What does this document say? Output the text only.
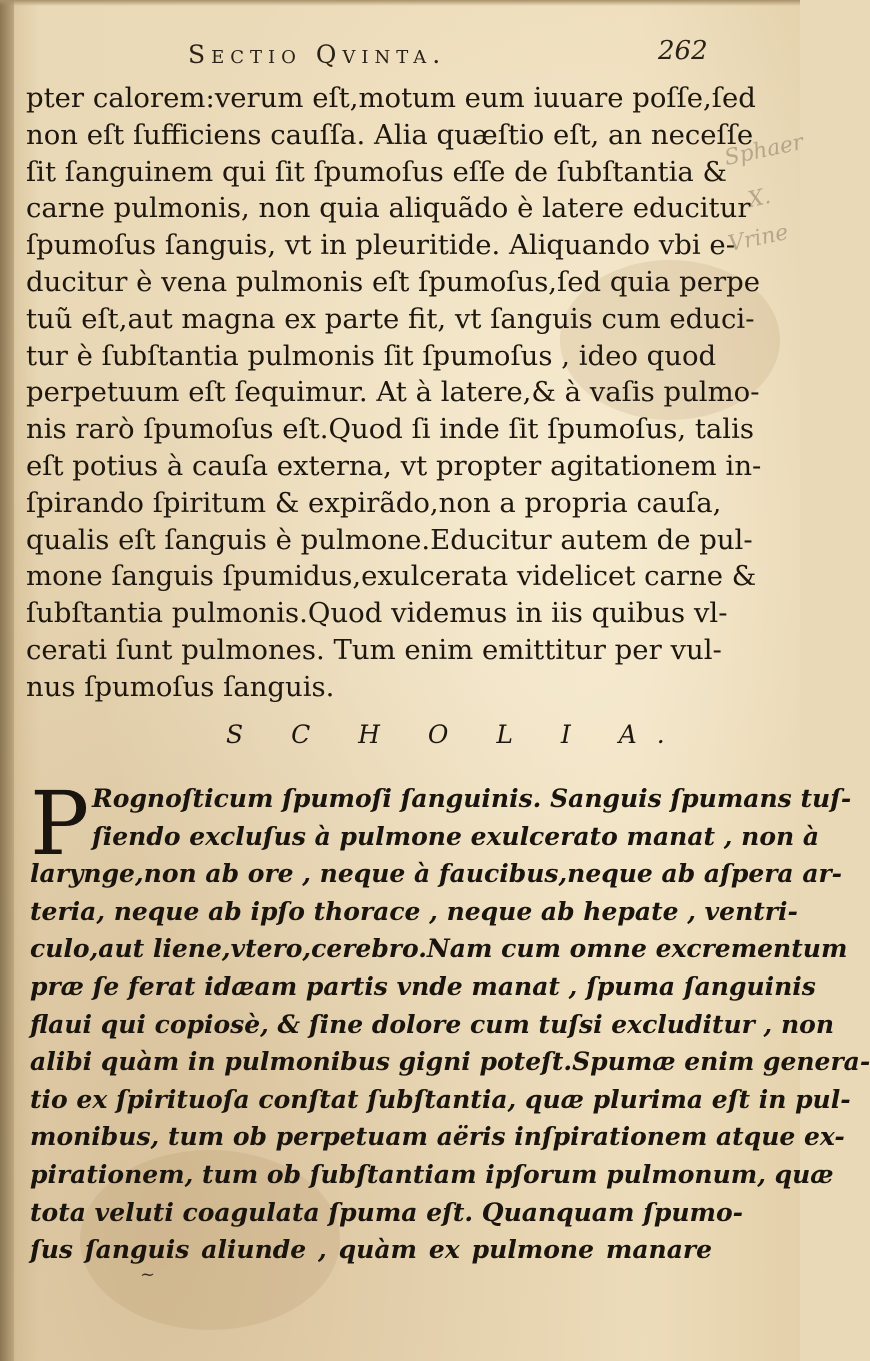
Sectio Qvinta.	262
pter calorem:verum eſt,motum eum iuuare poſſe,ſed
non eſt ſufficiens cauſſa. Alia quæſtio eſt, an neceſſe
ſit ſanguinem qui ſit ſpumoſus eſſe de ſubſtantia &
carne pulmonis, non quia aliquãdo è latere educitur
ſpumoſus ſanguis, vt in pleuritide. Aliquando vbi e-
ducitur è vena pulmonis eſt ſpumoſus,ſed quia perpe
tuũ eſt,aut magna ex parte fit, vt ſanguis cum educi-
tur è ſubſtantia pulmonis ſit ſpumoſus , ideo quod
perpetuum eſt ſequimur. At à latere,& à vaſis pulmo-
nis rarò ſpumoſus eſt.Quod ſi inde ſit ſpumoſus, talis
eſt potius à cauſa externa, vt propter agitationem in-
ſpirando ſpiritum & expirãdo,non a propria cauſa,
qualis eſt ſanguis è pulmone.Educitur autem de pul-
mone ſanguis ſpumidus,exulcerata videlicet carne &
ſubſtantia pulmonis.Quod videmus in iis quibus vl-
cerati ſunt pulmones. Tum enim emittitur per vul-
nus ſpumoſus ſanguis.
S C H O L I A.
P Rognoſticum ſpumoſi ſanguinis. Sanguis ſpumans tuſ-
ſiendo excluſus à pulmone exulcerato manat , non à
larynge,non ab ore , neque à faucibus,neque ab aſpera ar-
teria, neque ab ipſo thorace , neque ab hepate , ventri-
culo,aut liene,vtero,cerebro.Nam cum omne excrementum
præ ſe ferat idæam partis vnde manat , ſpuma ſanguinis
flaui qui copiosè, & ſine dolore cum tuſsi excluditur , non
alibi quàm in pulmonibus gigni poteſt.Spumæ enim genera-
tio ex ſpirituoſa conſtat ſubſtantia, quæ plurima eſt in pul-
monibus, tum ob perpetuam aëris inſpirationem atque ex-
pirationem, tum ob ſubſtantiam ipſorum pulmonum, quæ
tota veluti coagulata ſpuma eſt. Quanquam ſpumo-
ſus ſanguis aliunde , quàm ex pulmone manare
Sphaer
X.
Vrine
~
